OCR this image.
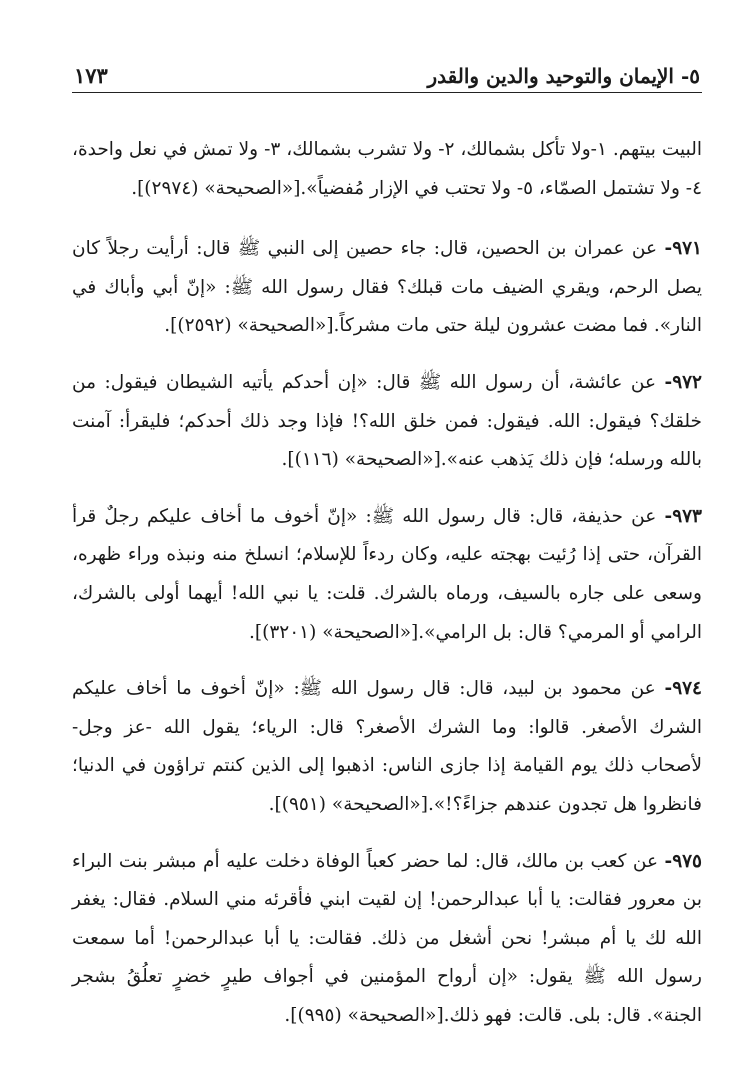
٥- الإيمان والتوحيد والدين والقدر
١٧٣

البيت بيتهم. ١-ولا تأكل بشمالك، ٢- ولا تشرب بشمالك، ٣- ولا تمش في نعل واحدة، ٤- ولا تشتمل الصمّاء، ٥- ولا تحتب في الإزار مُفضياً».[«الصحيحة» (٢٩٧٤)].

٩٧١- عن عمران بن الحصين، قال: جاء حصين إلى النبي ﷺ قال: أرأيت رجلاً كان يصل الرحم، ويقري الضيف مات قبلك؟ فقال رسول الله ﷺ: «إنّ أبي وأباك في النار». فما مضت عشرون ليلة حتى مات مشركاً.[«الصحيحة» (٢٥٩٢)].

٩٧٢- عن عائشة، أن رسول الله ﷺ قال: «إن أحدكم يأتيه الشيطان فيقول: من خلقك؟ فيقول: الله. فيقول: فمن خلق الله؟! فإذا وجد ذلك أحدكم؛ فليقرأ: آمنت بالله ورسله؛ فإن ذلك يَذهب عنه».[«الصحيحة» (١١٦)].

٩٧٣- عن حذيفة، قال: قال رسول الله ﷺ: «إنّ أخوف ما أخاف عليكم رجلٌ قرأ القرآن، حتى إذا رُئيت بهجته عليه، وكان ردءاً للإسلام؛ انسلخ منه ونبذه وراء ظهره، وسعى على جاره بالسيف، ورماه بالشرك. قلت: يا نبي الله! أيهما أولى بالشرك، الرامي أو المرمي؟ قال: بل الرامي».[«الصحيحة» (٣٢٠١)].

٩٧٤- عن محمود بن لبيد، قال: قال رسول الله ﷺ: «إنّ أخوف ما أخاف عليكم الشرك الأصغر. قالوا: وما الشرك الأصغر؟ قال: الرياء؛ يقول الله -عز وجل- لأصحاب ذلك يوم القيامة إذا جازى الناس: اذهبوا إلى الذين كنتم تراؤون في الدنيا؛ فانظروا هل تجدون عندهم جزاءً؟!».[«الصحيحة» (٩٥١)].

٩٧٥- عن كعب بن مالك، قال: لما حضر كعباً الوفاة دخلت عليه أم مبشر بنت البراء بن معرور فقالت: يا أبا عبدالرحمن! إن لقيت ابني فأقرئه مني السلام. فقال: يغفر الله لك يا أم مبشر! نحن أشغل من ذلك. فقالت: يا أبا عبدالرحمن! أما سمعت رسول الله ﷺ يقول: «إن أرواح المؤمنين في أجواف طيرٍ خضرٍ تعلُقُ بشجر الجنة». قال: بلى. قالت: فهو ذلك.[«الصحيحة» (٩٩٥)].
